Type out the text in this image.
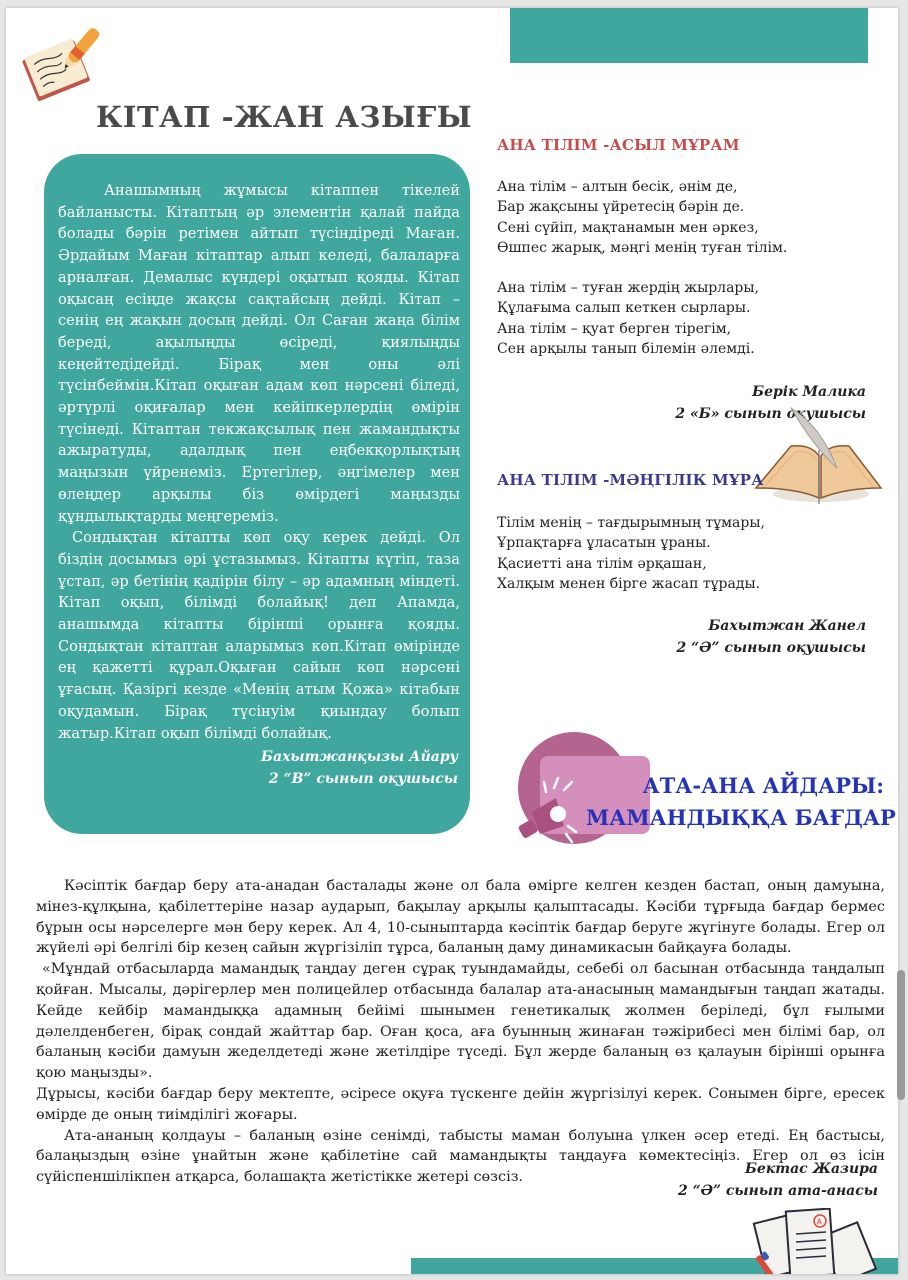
КІТАП -ЖАН АЗЫҒЫ

Анашымның жұмысы кітаппен тікелей байланысты. Кітаптың әр элементін қалай пайда болады бәрін ретімен айтып түсіндіреді Маған. Әрдайым Маған кітаптар алып келеді, балаларға арналған. Демалыс күндері оқытып қояды. Кітап оқысаң есіңде жақсы сақтайсың дейді. Кітап – сенің ең жақын досың дейді. Ол Саған жаңа білім береді, ақылыңды өсіреді, қиялыңды кеңейтедідейді. Бірақ мен оны әлі түсінбеймін.Кітап оқыған адам көп нәрсені біледі, әртүрлі оқиғалар мен кейіпкерлердің өмірін түсінеді. Кітаптан текжақсылық пен жамандықты ажыратуды, адалдық пен еңбекқорлықтың маңызын үйренеміз. Ертегілер, әңгімелер мен өлеңдер арқылы біз өмірдегі маңызды құндылықтарды меңгереміз.

Сондықтан кітапты көп оқу керек дейді. Ол біздің досымыз әрі ұстазымыз. Кітапты күтіп, таза ұстап, әр бетінің қадірін білу – әр адамның міндеті. Кітап оқып, білімді болайық! деп Апамда, анашымда кітапты бірінші орынға қояды. Сондықтан кітаптан аларымыз көп.Кітап өмірінде ең қажетті құрал.Оқыған сайын көп нәрсені ұғасың. Қазіргі кезде «Менің атым Қожа» кітабын оқудамын. Бірақ түсінуім қиындау болып жатыр.Кітап оқып білімді болайық.

Бахытжанқызы Айару
2 “В” сынып оқушысы
АНА ТІЛІМ -АСЫЛ МҰРАМ
Ана тілім – алтын бесік, әнім де,
Бар жақсыны үйретесің бәрін де.
Сені сүйіп, мақтанамын мен әркез,
Өшпес жарық, мәңгі менің туған тілім.
Ана тілім – туған жердің жырлары,
Құлағыма салып кеткен сырлары.
Ана тілім – қуат берген тірегім,
Сен арқылы танып білемін әлемді.
Берік Малика
2 «Б» сынып оқушысы
АНА ТІЛІМ -МӘҢГІЛІК МҰРА
Тілім менің – тағдырымның тұмары,
Ұрпақтарға ұласатын ұраны.
Қасиетті ана тілім әрқашан,
Халқым менен бірге жасап тұрады.
Бахытжан Жанел
2 “Ә” сынып оқушысы
АТА-АНА АЙДАРЫ:
МАМАНДЫҚҚА БАҒДАР

Кәсіптік бағдар беру ата-анадан басталады және ол бала өмірге келген кезден бастап, оның дамуына, мінез-құлқына, қабілеттеріне назар аударып, бақылау арқылы қалыптасады. Кәсіби тұрғыда бағдар бермес бұрын осы нәрселерге мән беру керек. Ал 4, 10-сыныптарда кәсіптік бағдар беруге жүгінуге болады. Егер ол жүйелі әрі белгілі бір кезең сайын жүргізіліп тұрса, баланың даму динамикасын байқауға болады.

«Мұндай отбасыларда мамандық таңдау деген сұрақ туындамайды, себебі ол басынан отбасында таңдалып қойған. Мысалы, дәрігерлер мен полицейлер отбасында балалар ата-анасының мамандығын таңдап жатады. Кейде кейбір мамандыққа адамның бейімі шынымен генетикалық жолмен беріледі, бұл ғылыми дәлелденбеген, бірақ сондай жайттар бар. Оған қоса, аға буынның жинаған тәжірибесі мен білімі бар, ол баланың кәсіби дамуын жеделдетеді және жетілдіре түседі. Бұл жерде баланың өз қалауын бірінші орынға қою маңызды».

Дұрысы, кәсіби бағдар беру мектепте, әсіресе оқуға түскенге дейін жүргізілуі керек. Сонымен бірге, ересек өмірде де оның тиімділігі жоғары.

Ата-ананың қолдауы – баланың өзіне сенімді, табысты маман болуына үлкен әсер етеді. Ең бастысы, балаңыздың өзіне ұнайтын және қабілетіне сай мамандықты таңдауға көмектесіңіз. Егер ол өз ісін сүйіспеншілікпен атқарса, болашақта жетістікке жетері сөзсіз.

Бектас Жазира
2 “Ә” сынып ата-анасы
A
